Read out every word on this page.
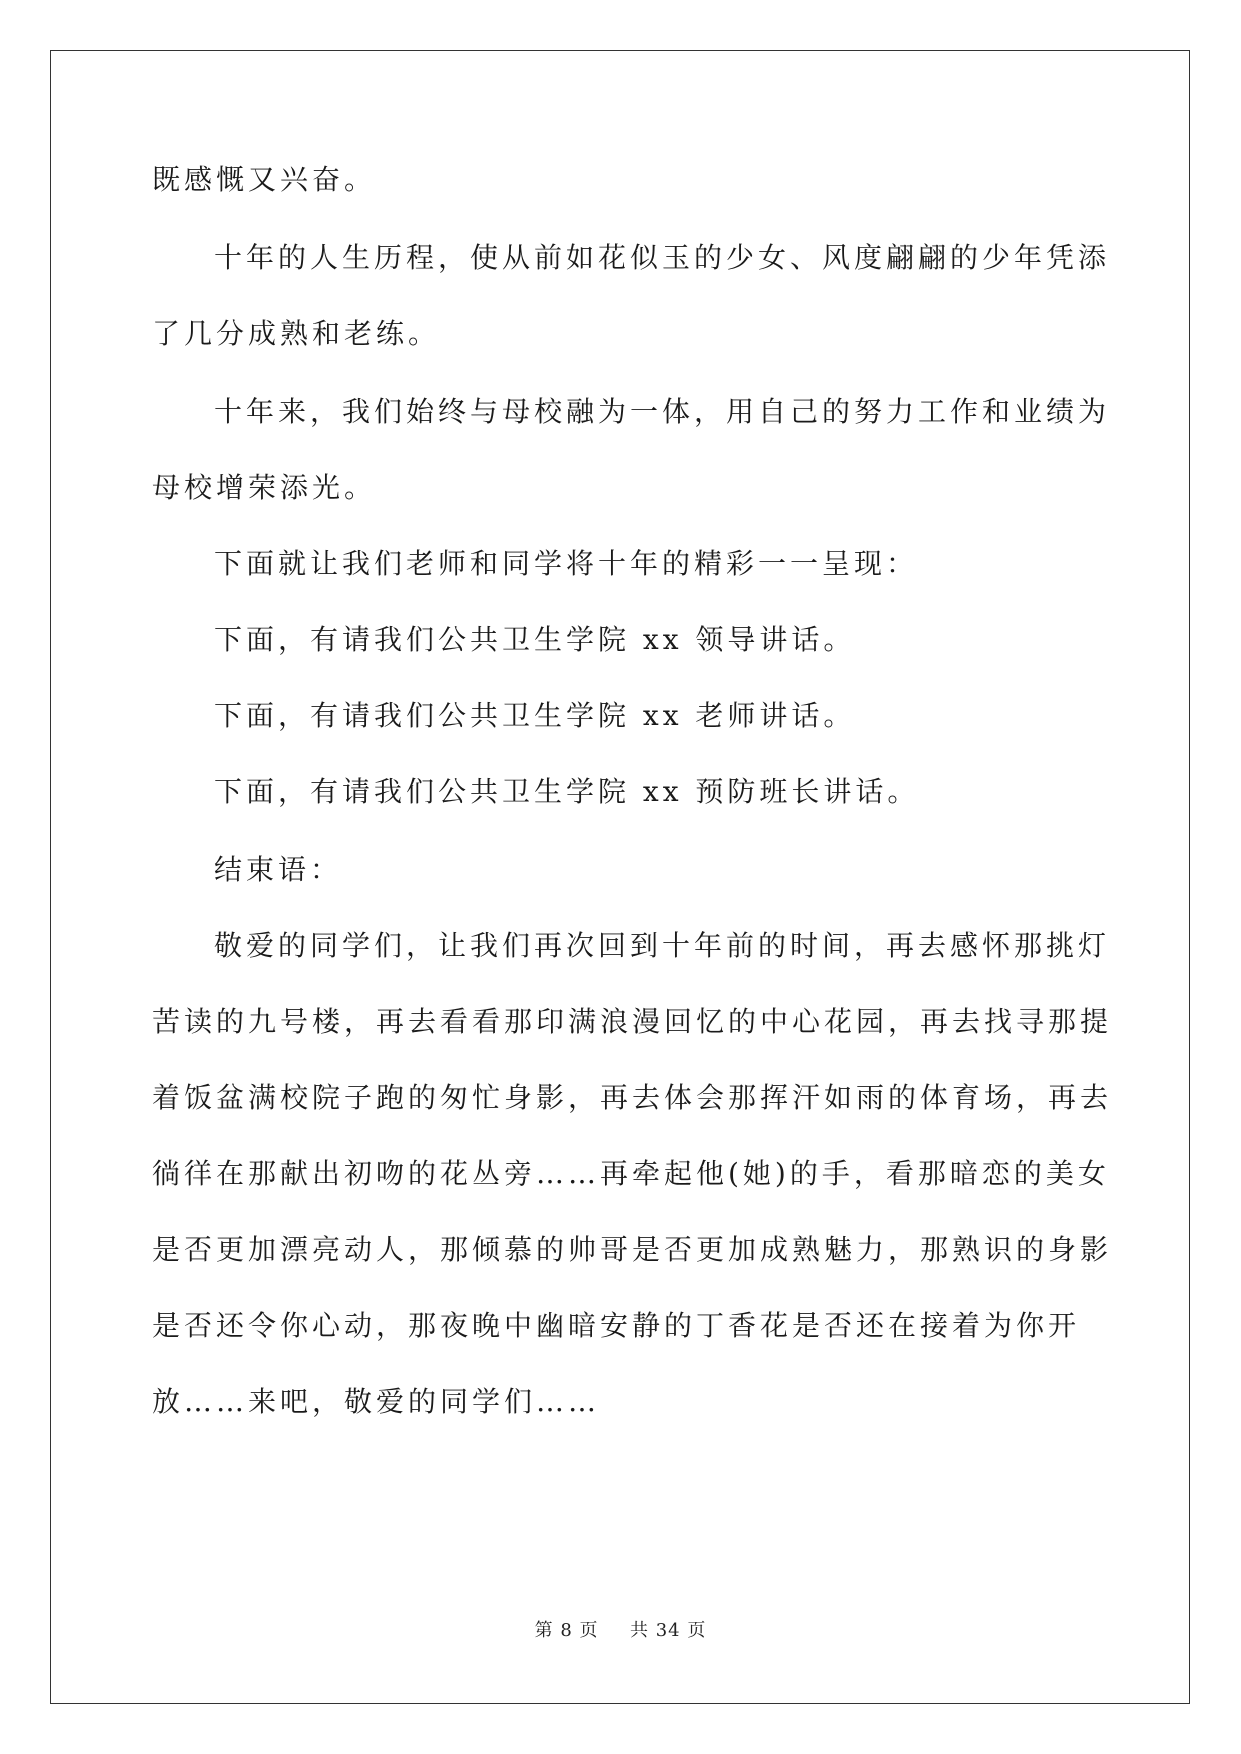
既感慨又兴奋。
十年的人生历程，使从前如花似玉的少女、风度翩翩的少年凭添
了几分成熟和老练。
十年来，我们始终与母校融为一体，用自己的努力工作和业绩为
母校增荣添光。
下面就让我们老师和同学将十年的精彩一一呈现：
下面，有请我们公共卫生学院 xx 领导讲话。
下面，有请我们公共卫生学院 xx 老师讲话。
下面，有请我们公共卫生学院 xx 预防班长讲话。
结束语：
敬爱的同学们，让我们再次回到十年前的时间，再去感怀那挑灯
苦读的九号楼，再去看看那印满浪漫回忆的中心花园，再去找寻那提
着饭盆满校院子跑的匆忙身影，再去体会那挥汗如雨的体育场，再去
徜徉在那献出初吻的花丛旁……再牵起他(她)的手，看那暗恋的美女
是否更加漂亮动人，那倾慕的帅哥是否更加成熟魅力，那熟识的身影
是否还令你心动，那夜晚中幽暗安静的丁香花是否还在接着为你开
放……来吧，敬爱的同学们……
第 8 页 共 34 页
